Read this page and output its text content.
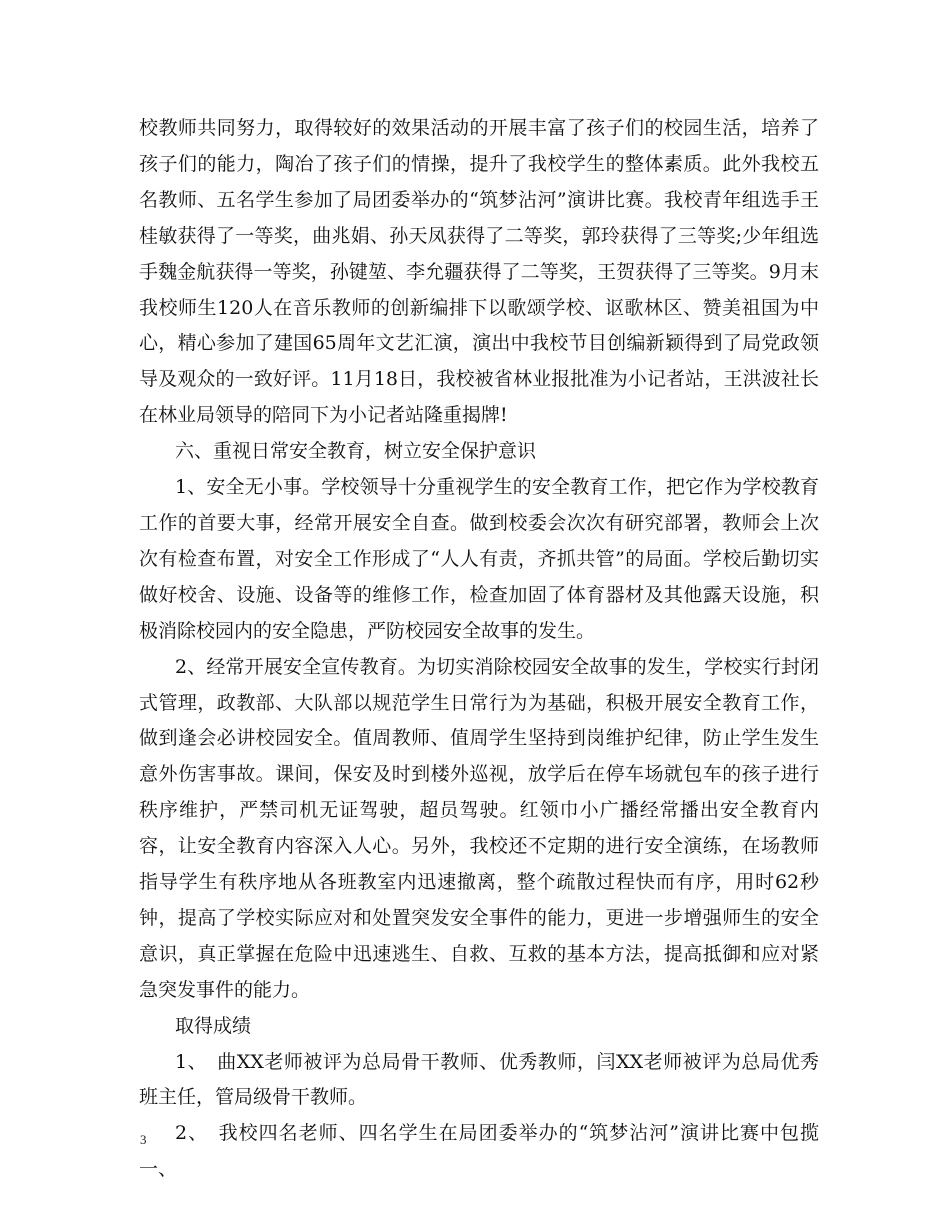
校教师共同努力，取得较好的效果活动的开展丰富了孩子们的校园生活，培养了孩子们的能力，陶冶了孩子们的情操，提升了我校学生的整体素质。此外我校五名教师、五名学生参加了局团委举办的“筑梦沾河”演讲比赛。我校青年组选手王桂敏获得了一等奖，曲兆娟、孙天凤获得了二等奖，郭玲获得了三等奖;少年组选手魏金航获得一等奖，孙键堃、李允疆获得了二等奖，王贺获得了三等奖。9月末我校师生120人在音乐教师的创新编排下以歌颂学校、讴歌林区、赞美祖国为中心，精心参加了建国65周年文艺汇演，演出中我校节目创编新颖得到了局党政领导及观众的一致好评。11月18日，我校被省林业报批准为小记者站，王洪波社长在林业局领导的陪同下为小记者站隆重揭牌!

六、重视日常安全教育，树立安全保护意识

1、安全无小事。学校领导十分重视学生的安全教育工作，把它作为学校教育工作的首要大事，经常开展安全自查。做到校委会次次有研究部署，教师会上次次有检查布置，对安全工作形成了“人人有责，齐抓共管”的局面。学校后勤切实做好校舍、设施、设备等的维修工作，检查加固了体育器材及其他露天设施，积极消除校园内的安全隐患，严防校园安全故事的发生。

2、经常开展安全宣传教育。为切实消除校园安全故事的发生，学校实行封闭式管理，政教部、大队部以规范学生日常行为为基础，积极开展安全教育工作，做到逢会必讲校园安全。值周教师、值周学生坚持到岗维护纪律，防止学生发生意外伤害事故。课间，保安及时到楼外巡视，放学后在停车场就包车的孩子进行秩序维护，严禁司机无证驾驶，超员驾驶。红领巾小广播经常播出安全教育内容，让安全教育内容深入人心。另外，我校还不定期的进行安全演练，在场教师指导学生有秩序地从各班教室内迅速撤离，整个疏散过程快而有序，用时62秒钟，提高了学校实际应对和处置突发安全事件的能力，更进一步增强师生的安全意识，真正掌握在危险中迅速逃生、自救、互救的基本方法，提高抵御和应对紧急突发事件的能力。

取得成绩

1、　曲XX老师被评为总局骨干教师、优秀教师，闫XX老师被评为总局优秀班主任，管局级骨干教师。

2、　我校四名老师、四名学生在局团委举办的“筑梦沾河”演讲比赛中包揽一、

3
